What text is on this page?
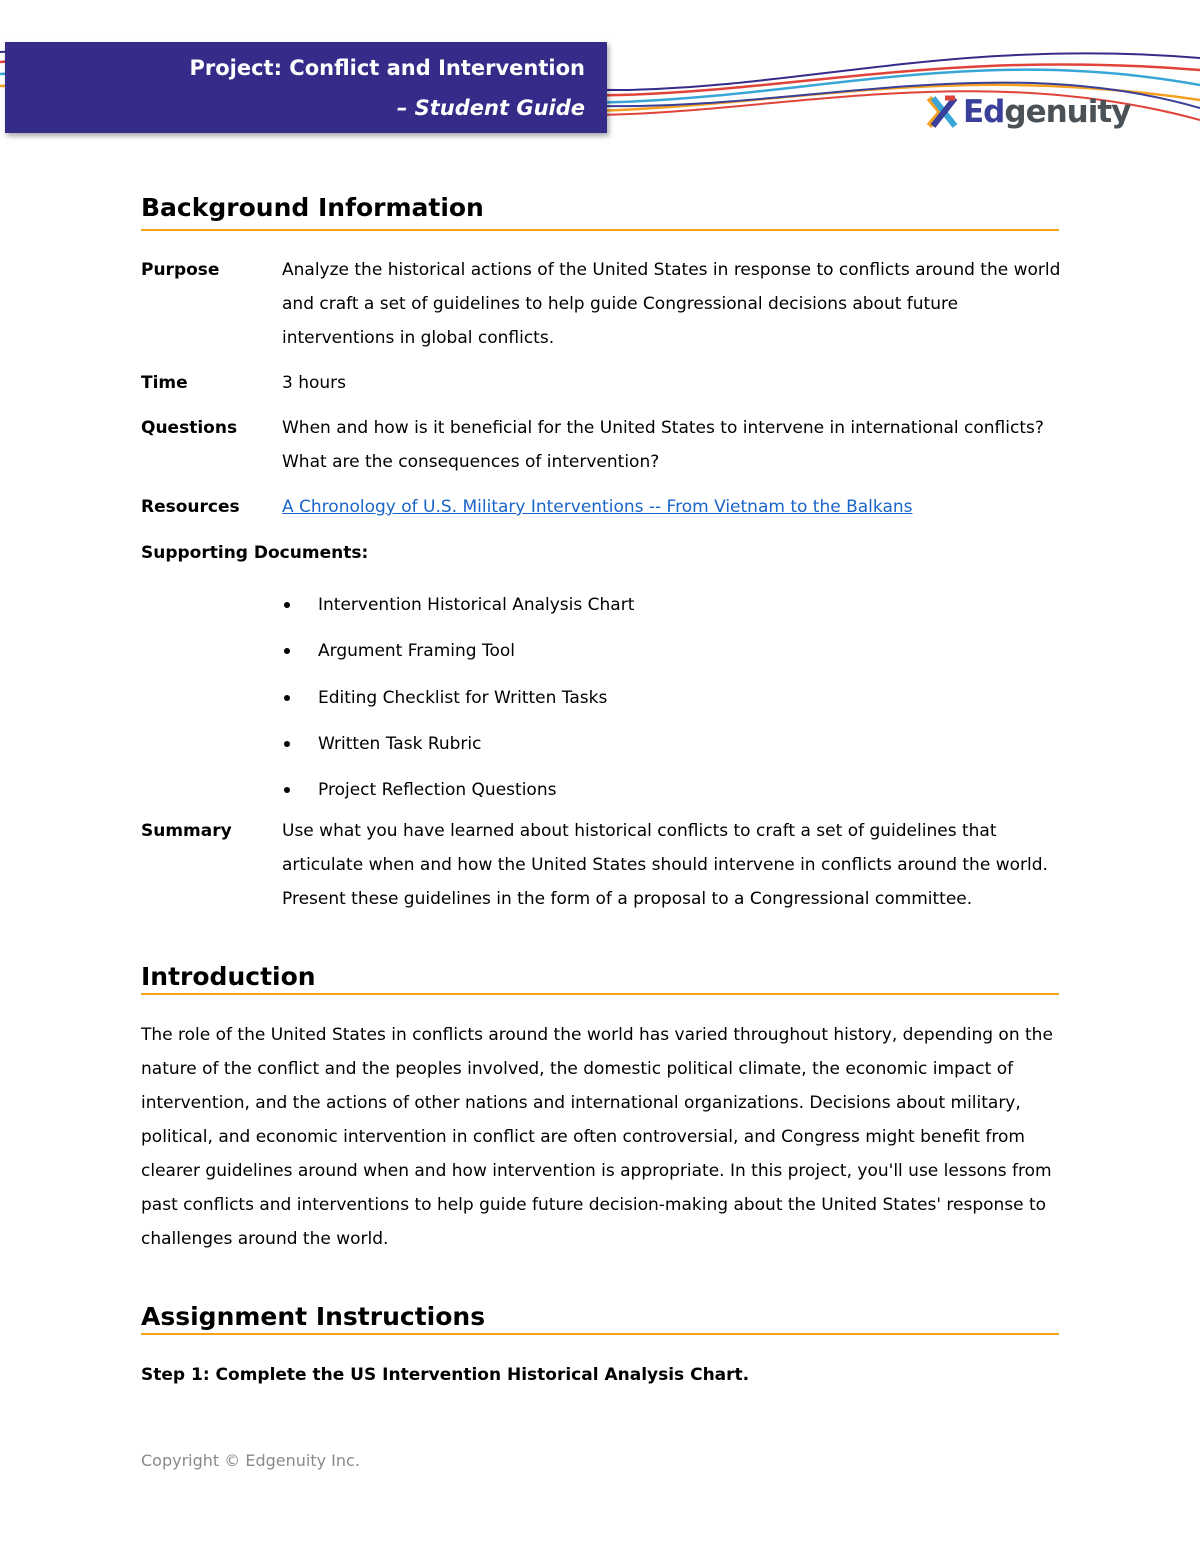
Project: Conflict and Intervention
– Student Guide	Edgenuity
Background Information
Purpose	Analyze the historical actions of the United States in response to conflicts around the world and craft a set of guidelines to help guide Congressional decisions about future interventions in global conflicts.
Time	3 hours
Questions	When and how is it beneficial for the United States to intervene in international conflicts? What are the consequences of intervention?
Resources A Chronology of U.S. Military Interventions -- From Vietnam to the Balkans
Supporting Documents:
Intervention Historical Analysis Chart
Argument Framing Tool
Editing Checklist for Written Tasks
Written Task Rubric
Project Reflection Questions
Summary	Use what you have learned about historical conflicts to craft a set of guidelines that articulate when and how the United States should intervene in conflicts around the world. Present these guidelines in the form of a proposal to a Congressional committee.
Introduction
The role of the United States in conflicts around the world has varied throughout history, depending on the nature of the conflict and the peoples involved, the domestic political climate, the economic impact of intervention, and the actions of other nations and international organizations. Decisions about military, political, and economic intervention in conflict are often controversial, and Congress might benefit from clearer guidelines around when and how intervention is appropriate. In this project, you'll use lessons from past conflicts and interventions to help guide future decision-making about the United States' response to challenges around the world.
Assignment Instructions
Step 1: Complete the US Intervention Historical Analysis Chart.
Copyright © Edgenuity Inc.
